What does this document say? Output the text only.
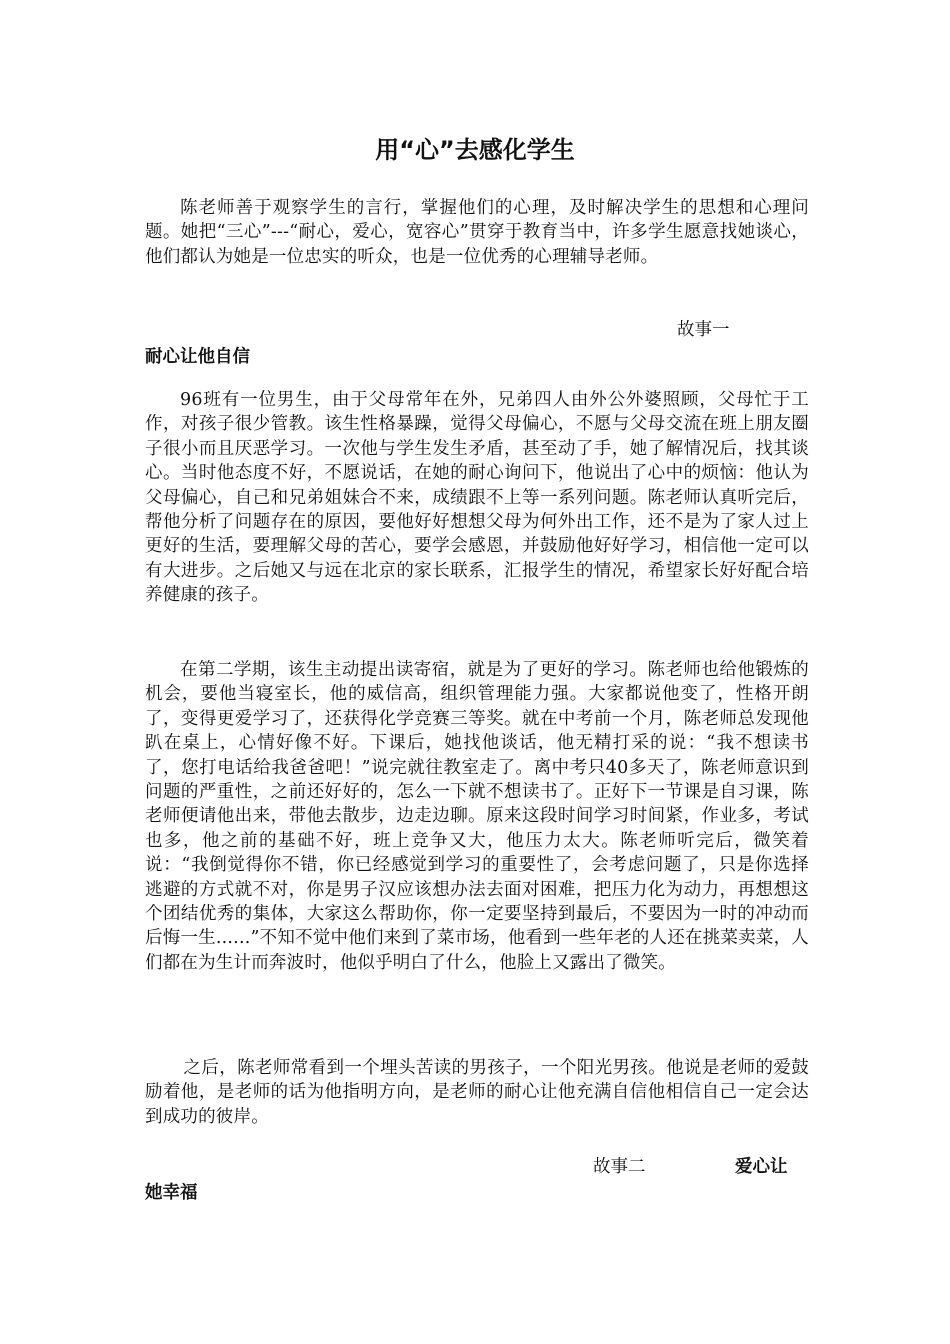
用“心”去感化学生

陈老师善于观察学生的言行，掌握他们的心理，及时解决学生的思想和心理问题。她把“三心”---“耐心，爱心，宽容心”贯穿于教育当中，许多学生愿意找她谈心，他们都认为她是一位忠实的听众，也是一位优秀的心理辅导老师。

故事一

耐心让他自信

96班有一位男生，由于父母常年在外，兄弟四人由外公外婆照顾，父母忙于工作，对孩子很少管教。该生性格暴躁，觉得父母偏心，不愿与父母交流在班上朋友圈子很小而且厌恶学习。一次他与学生发生矛盾，甚至动了手，她了解情况后，找其谈心。当时他态度不好，不愿说话，在她的耐心询问下，他说出了心中的烦恼：他认为父母偏心，自己和兄弟姐妹合不来，成绩跟不上等一系列问题。陈老师认真听完后，帮他分析了问题存在的原因，要他好好想想父母为何外出工作，还不是为了家人过上更好的生活，要理解父母的苦心，要学会感恩，并鼓励他好好学习，相信他一定可以有大进步。之后她又与远在北京的家长联系，汇报学生的情况，希望家长好好配合培养健康的孩子。

在第二学期，该生主动提出读寄宿，就是为了更好的学习。陈老师也给他锻炼的机会，要他当寝室长，他的威信高，组织管理能力强。大家都说他变了，性格开朗了，变得更爱学习了，还获得化学竞赛三等奖。就在中考前一个月，陈老师总发现他趴在桌上，心情好像不好。下课后，她找他谈话，他无精打采的说：“我不想读书了，您打电话给我爸爸吧！”说完就往教室走了。离中考只40多天了，陈老师意识到问题的严重性，之前还好好的，怎么一下就不想读书了。正好下一节课是自习课，陈老师便请他出来，带他去散步，边走边聊。原来这段时间学习时间紧，作业多，考试也多，他之前的基础不好，班上竞争又大，他压力太大。陈老师听完后，微笑着说：“我倒觉得你不错，你已经感觉到学习的重要性了，会考虑问题了，只是你选择逃避的方式就不对，你是男子汉应该想办法去面对困难，把压力化为动力，再想想这个团结优秀的集体，大家这么帮助你，你一定要坚持到最后，不要因为一时的冲动而后悔一生......”不知不觉中他们来到了菜市场，他看到一些年老的人还在挑菜卖菜，人们都在为生计而奔波时，他似乎明白了什么，他脸上又露出了微笑。

之后，陈老师常看到一个埋头苦读的男孩子，一个阳光男孩。他说是老师的爱鼓励着他，是老师的话为他指明方向，是老师的耐心让他充满自信他相信自己一定会达到成功的彼岸。

故事二	爱心让

她幸福
